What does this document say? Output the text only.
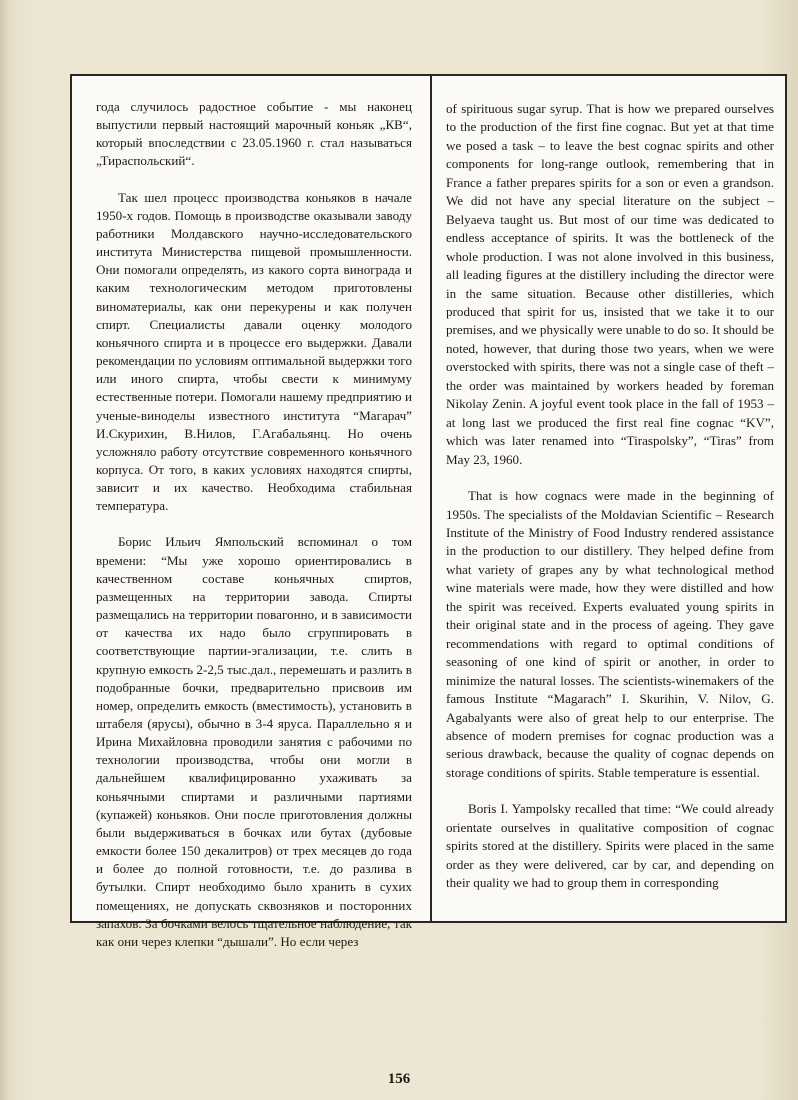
года случилось радостное событие - мы наконец выпустили первый настоящий марочный коньяк „КВ“, который впоследствии с 23.05.1960 г. стал называться „Тираспольский“.

Так шел процесс производства коньяков в начале 1950-х годов. Помощь в производстве оказывали заводу работники Молдавского научно-исследовательского института Министерства пищевой промышленности. Они помогали определять, из какого сорта винограда и каким технологическим методом приготовлены виноматериалы, как они перекурены и как получен спирт. Специалисты давали оценку молодого коньячного спирта и в процессе его выдержки. Давали рекомендации по условиям оптимальной выдержки того или иного спирта, чтобы свести к минимуму естественные потери. Помогали нашему предприятию и ученые-виноделы известного института “Магарач” И.Скурихин, В.Нилов, Г.Агабальянц. Но очень усложняло работу отсутствие современного коньячного корпуса. От того, в каких условиях находятся спирты, зависит и их качество. Необходима стабильная температура.

Борис Ильич Ямпольский вспоминал о том времени: “Мы уже хорошо ориентировались в качественном составе коньячных спиртов, размещенных на территории завода. Спирты размещались на территории повагонно, и в зависимости от качества их надо было сгруппировать в соответствующие партии-эгализации, т.е. слить в крупную емкость 2-2,5 тыс.дал., перемешать и разлить в подобранные бочки, предварительно присвоив им номер, определить емкость (вместимость), установить в штабеля (ярусы), обычно в 3-4 яруса. Параллельно я и Ирина Михайловна проводили занятия с рабочими по технологии производства, чтобы они могли в дальнейшем квалифицированно ухаживать за коньячными спиртами и различными партиями (купажей) коньяков. Они после приготовления должны были выдерживаться в бочках или бутах (дубовые емкости более 150 декалитров) от трех месяцев до года и более до полной готовности, т.е. до разлива в бутылки. Спирт необходимо было хранить в сухих помещениях, не допускать сквозняков и посторонних запахов. За бочками велось тщательное наблюдение, так как они через клепки “дышали”. Но если через

of spirituous sugar syrup. That is how we prepared ourselves to the production of the first fine cognac. But yet at that time we posed a task – to leave the best cognac spirits and other components for long-range outlook, remembering that in France a father prepares spirits for a son or even a grandson. We did not have any special literature on the subject – Belyaeva taught us. But most of our time was dedicated to endless acceptance of spirits. It was the bottleneck of the whole production. I was not alone involved in this business, all leading figures at the distillery including the director were in the same situation. Because other distilleries, which produced that spirit for us, insisted that we take it to our premises, and we physically were unable to do so. It should be noted, however, that during those two years, when we were overstocked with spirits, there was not a single case of theft – the order was maintained by workers headed by foreman Nikolay Zenin. A joyful event took place in the fall of 1953 – at long last we produced the first real fine cognac “KV”, which was later renamed into “Tiraspolsky”, “Tiras” from May 23, 1960.

That is how cognacs were made in the beginning of 1950s. The specialists of the Moldavian Scientific – Research Institute of the Ministry of Food Industry rendered assistance in the production to our distillery. They helped define from what variety of grapes any by what technological method wine materials were made, how they were distilled and how the spirit was received. Experts evaluated young spirits in their original state and in the process of ageing. They gave recommendations with regard to optimal conditions of seasoning of one kind of spirit or another, in order to minimize the natural losses. The scientists-winemakers of the famous Institute “Magarach” I. Skurihin, V. Nilov, G. Agabalyants were also of great help to our enterprise. The absence of modern premises for cognac production was a serious drawback, because the quality of cognac depends on storage conditions of spirits. Stable temperature is essential.

Boris I. Yampolsky recalled that time: “We could already orientate ourselves in qualitative composition of cognac spirits stored at the distillery. Spirits were placed in the same order as they were delivered, car by car, and depending on their quality we had to group them in corresponding

156
